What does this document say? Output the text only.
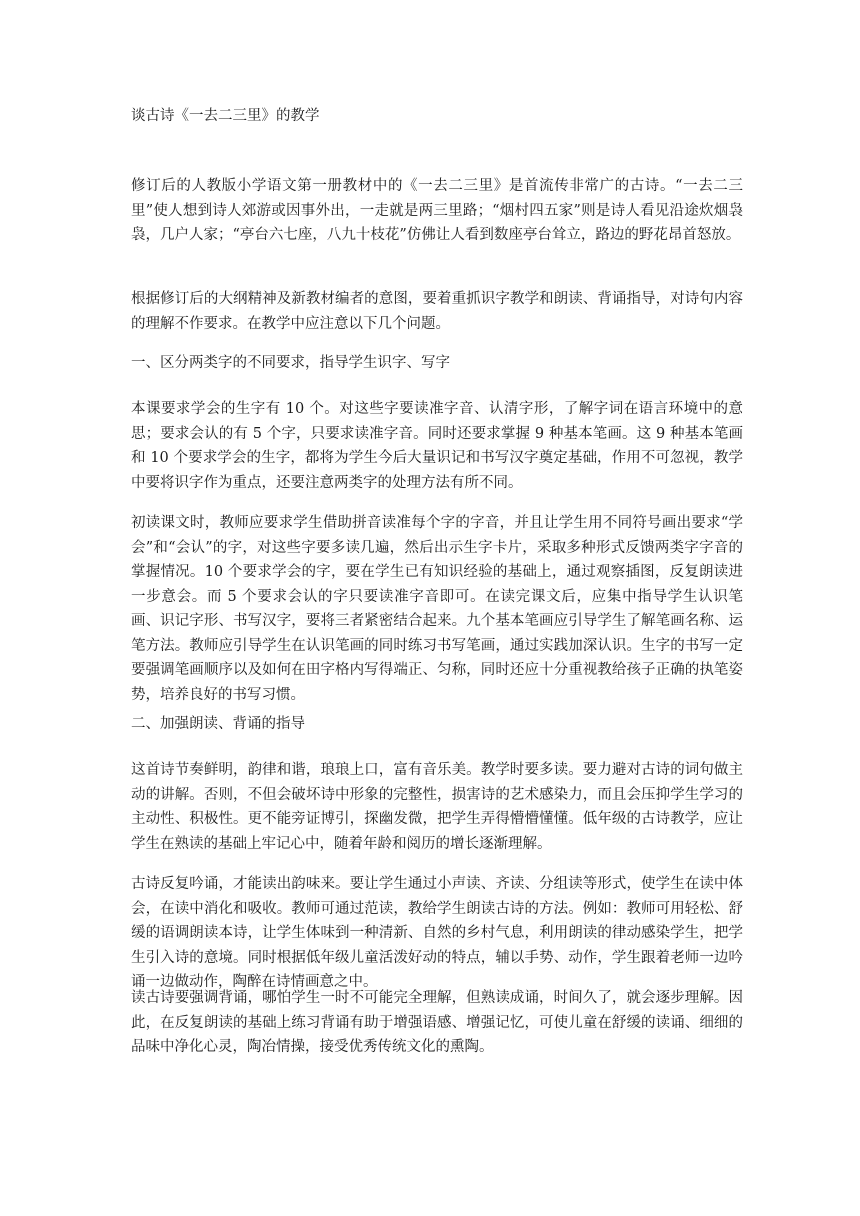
谈古诗《一去二三里》的教学

修订后的人教版小学语文第一册教材中的《一去二三里》是首流传非常广的古诗。“一去二三里”使人想到诗人郊游或因事外出，一走就是两三里路；“烟村四五家”则是诗人看见沿途炊烟袅袅，几户人家；“亭台六七座，八九十枝花”仿佛让人看到数座亭台耸立，路边的野花昂首怒放。

根据修订后的大纲精神及新教材编者的意图，要着重抓识字教学和朗读、背诵指导，对诗句内容的理解不作要求。在教学中应注意以下几个问题。

一、区分两类字的不同要求，指导学生识字、写字

本课要求学会的生字有 10 个。对这些字要读准字音、认清字形，了解字词在语言环境中的意思；要求会认的有 5 个字，只要求读准字音。同时还要求掌握 9 种基本笔画。这 9 种基本笔画和 10 个要求学会的生字，都将为学生今后大量识记和书写汉字奠定基础，作用不可忽视，教学中要将识字作为重点，还要注意两类字的处理方法有所不同。

初读课文时，教师应要求学生借助拼音读准每个字的字音，并且让学生用不同符号画出要求“学会”和“会认”的字，对这些字要多读几遍，然后出示生字卡片，采取多种形式反馈两类字字音的掌握情况。10 个要求学会的字，要在学生已有知识经验的基础上，通过观察插图，反复朗读进一步意会。而 5 个要求会认的字只要读准字音即可。在读完课文后，应集中指导学生认识笔画、识记字形、书写汉字，要将三者紧密结合起来。九个基本笔画应引导学生了解笔画名称、运笔方法。教师应引导学生在认识笔画的同时练习书写笔画，通过实践加深认识。生字的书写一定要强调笔画顺序以及如何在田字格内写得端正、匀称，同时还应十分重视教给孩子正确的执笔姿势，培养良好的书写习惯。

二、加强朗读、背诵的指导

这首诗节奏鲜明，韵律和谐，琅琅上口，富有音乐美。教学时要多读。要力避对古诗的词句做主动的讲解。否则，不但会破坏诗中形象的完整性，损害诗的艺术感染力，而且会压抑学生学习的主动性、积极性。更不能旁证博引，探幽发微，把学生弄得懵懵懂懂。低年级的古诗教学，应让学生在熟读的基础上牢记心中，随着年龄和阅历的增长逐渐理解。

古诗反复吟诵，才能读出韵味来。要让学生通过小声读、齐读、分组读等形式，使学生在读中体会，在读中消化和吸收。教师可通过范读，教给学生朗读古诗的方法。例如：教师可用轻松、舒缓的语调朗读本诗，让学生体味到一种清新、自然的乡村气息，利用朗读的律动感染学生，把学生引入诗的意境。同时根据低年级儿童活泼好动的特点，辅以手势、动作，学生跟着老师一边吟诵一边做动作，陶醉在诗情画意之中。

读古诗要强调背诵，哪怕学生一时不可能完全理解，但熟读成诵，时间久了，就会逐步理解。因此，在反复朗读的基础上练习背诵有助于增强语感、增强记忆，可使儿童在舒缓的读诵、细细的品味中净化心灵，陶冶情操，接受优秀传统文化的熏陶。
